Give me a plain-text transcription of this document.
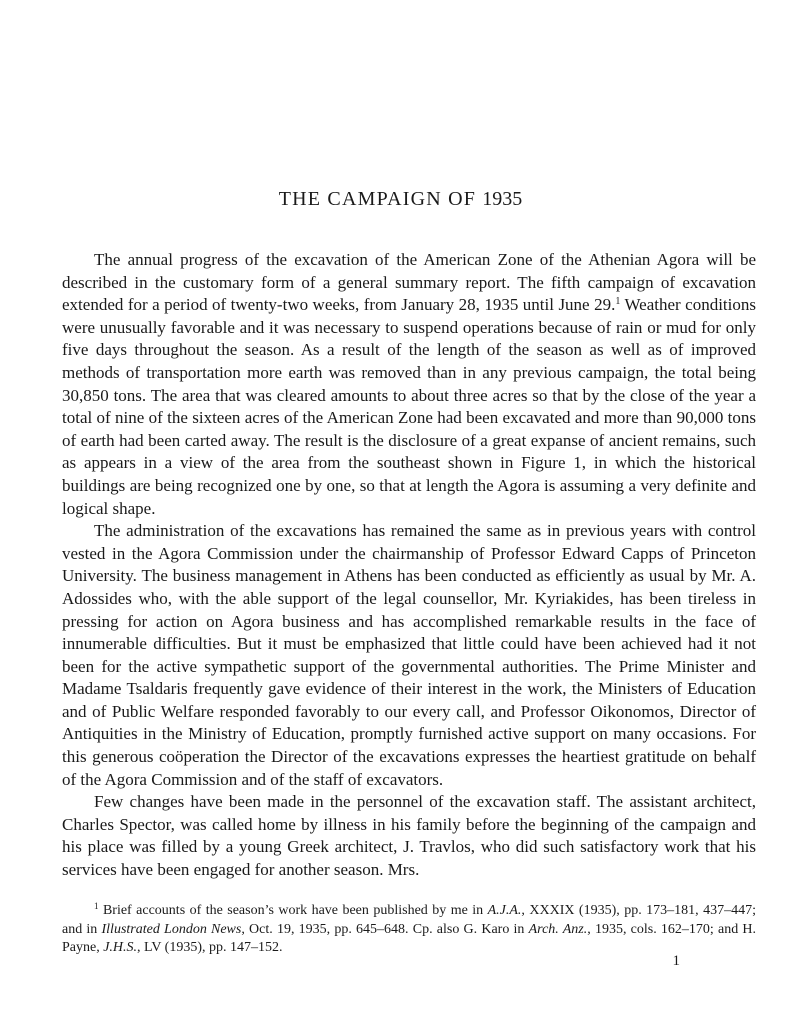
THE CAMPAIGN OF 1935

The annual progress of the excavation of the American Zone of the Athenian Agora will be described in the customary form of a general summary report. The fifth campaign of excavation extended for a period of twenty-two weeks, from January 28, 1935 until June 29.$^1$ Weather conditions were unusually favorable and it was necessary to suspend operations because of rain or mud for only five days throughout the season. As a result of the length of the season as well as of improved methods of transportation more earth was removed than in any previous campaign, the total being 30,850 tons. The area that was cleared amounts to about three acres so that by the close of the year a total of nine of the sixteen acres of the American Zone had been excavated and more than 90,000 tons of earth had been carted away. The result is the disclosure of a great expanse of ancient remains, such as appears in a view of the area from the southeast shown in Figure 1, in which the historical buildings are being recognized one by one, so that at length the Agora is assuming a very definite and logical shape.

The administration of the excavations has remained the same as in previous years with control vested in the Agora Commission under the chairmanship of Professor Edward Capps of Princeton University. The business management in Athens has been conducted as efficiently as usual by Mr. A. Adossides who, with the able support of the legal counsellor, Mr. Kyriakides, has been tireless in pressing for action on Agora business and has accomplished remarkable results in the face of innumerable difficulties. But it must be emphasized that little could have been achieved had it not been for the active sympathetic support of the governmental authorities. The Prime Minister and Madame Tsaldaris frequently gave evidence of their interest in the work, the Ministers of Education and of Public Welfare responded favorably to our every call, and Professor Oikonomos, Director of Antiquities in the Ministry of Education, promptly furnished active support on many occasions. For this generous coöperation the Director of the excavations expresses the heartiest gratitude on behalf of the Agora Commission and of the staff of excavators.

Few changes have been made in the personnel of the excavation staff. The assistant architect, Charles Spector, was called home by illness in his family before the beginning of the campaign and his place was filled by a young Greek architect, J. Travlos, who did such satisfactory work that his services have been engaged for another season. Mrs.

$^1$ Brief accounts of the season’s work have been published by me in A.J.A., XXXIX (1935), pp. 173–181, 437–447; and in Illustrated London News, Oct. 19, 1935, pp. 645–648. Cp. also G. Karo in Arch. Anz., 1935, cols. 162–170; and H. Payne, J.H.S., LV (1935), pp. 147–152.

1
